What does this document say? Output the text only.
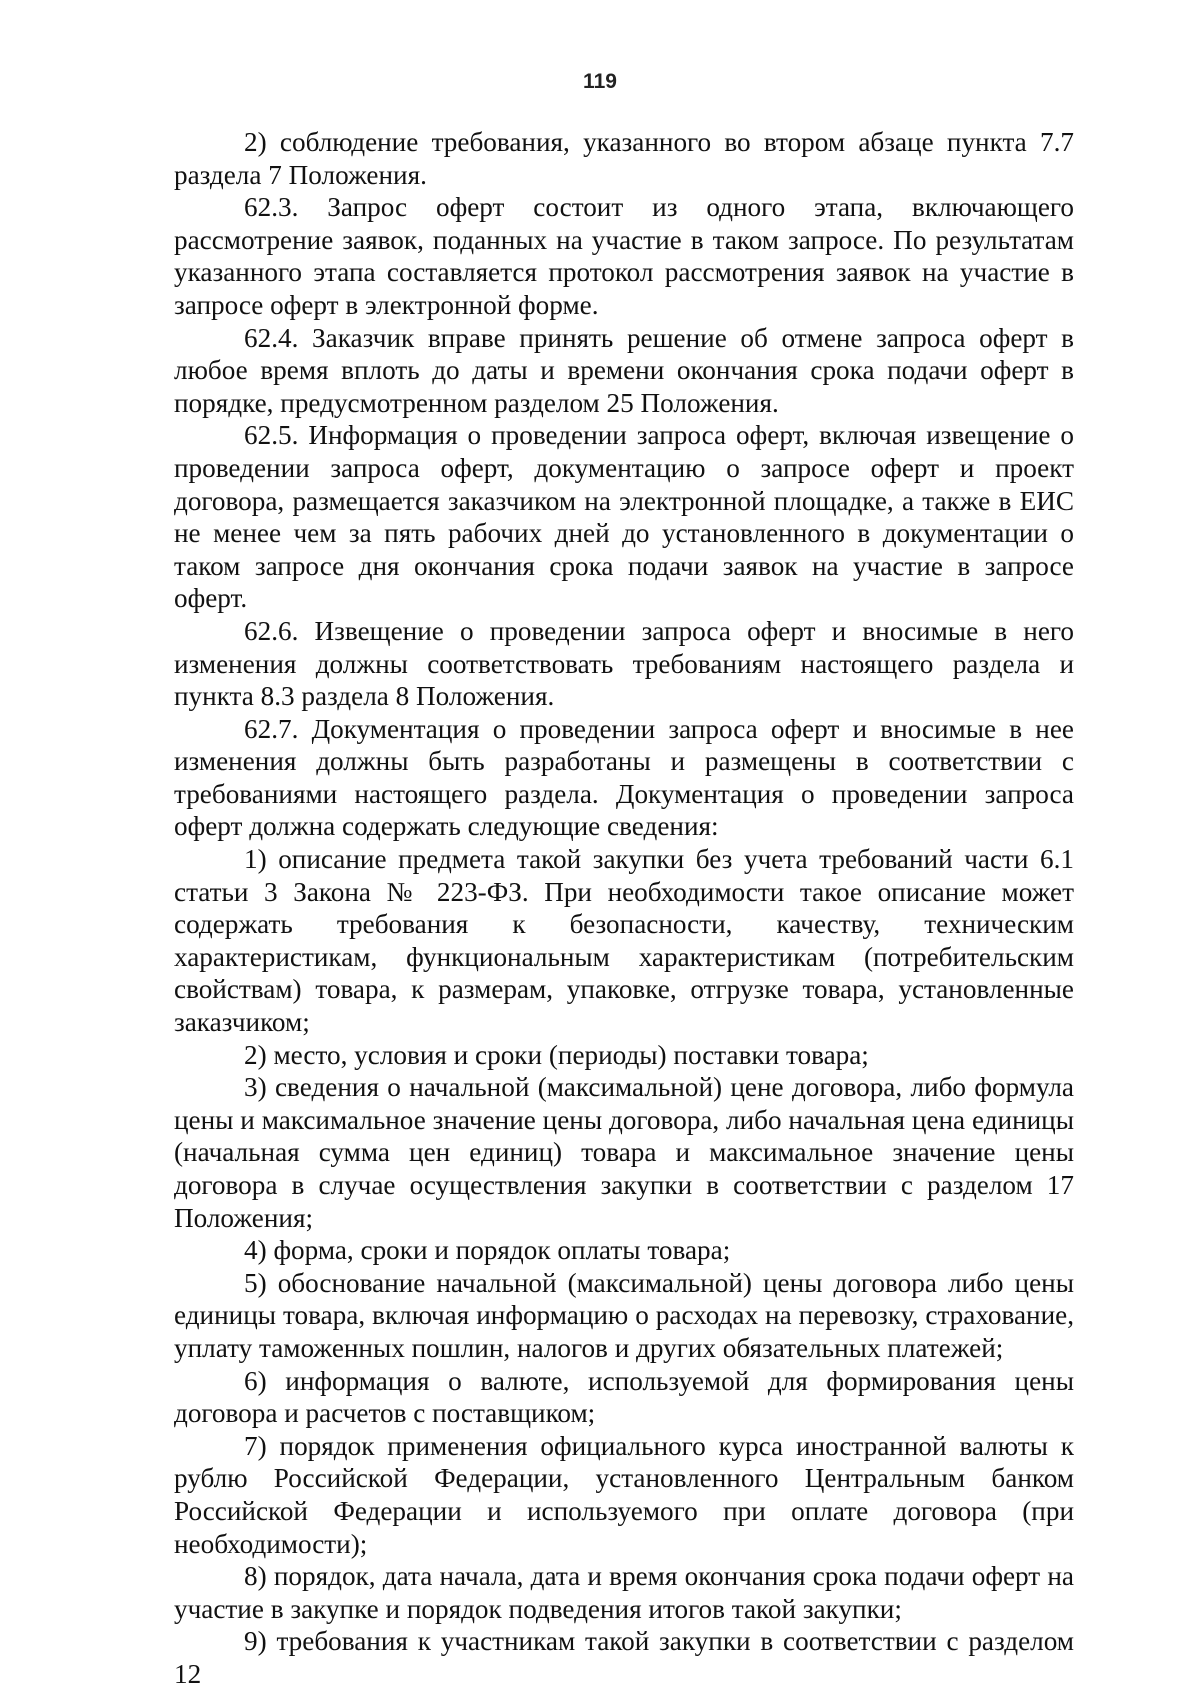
119

2) соблюдение требования, указанного во втором абзаце пункта 7.7 раздела 7 Положения.

62.3. Запрос оферт состоит из одного этапа, включающего рассмотрение заявок, поданных на участие в таком запросе. По результатам указанного этапа составляется протокол рассмотрения заявок на участие в запросе оферт в электронной форме.

62.4. Заказчик вправе принять решение об отмене запроса оферт в любое время вплоть до даты и времени окончания срока подачи оферт в порядке, предусмотренном разделом 25 Положения.

62.5. Информация о проведении запроса оферт, включая извещение о проведении запроса оферт, документацию о запросе оферт и проект договора, размещается заказчиком на электронной площадке, а также в ЕИС не менее чем за пять рабочих дней до установленного в документации о таком запросе дня окончания срока подачи заявок на участие в запросе оферт.

62.6. Извещение о проведении запроса оферт и вносимые в него изменения должны соответствовать требованиям настоящего раздела и пункта 8.3 раздела 8 Положения.

62.7. Документация о проведении запроса оферт и вносимые в нее изменения должны быть разработаны и размещены в соответствии с требованиями настоящего раздела. Документация о проведении запроса оферт должна содержать следующие сведения:

1) описание предмета такой закупки без учета требований части 6.1 статьи 3 Закона № 223-ФЗ. При необходимости такое описание может содержать требования к безопасности, качеству, техническим характеристикам, функциональным характеристикам (потребительским свойствам) товара, к размерам, упаковке, отгрузке товара, установленные заказчиком;

2) место, условия и сроки (периоды) поставки товара;

3) сведения о начальной (максимальной) цене договора, либо формула цены и максимальное значение цены договора, либо начальная цена единицы (начальная сумма цен единиц) товара и максимальное значение цены договора в случае осуществления закупки в соответствии с разделом 17 Положения;

4) форма, сроки и порядок оплаты товара;

5) обоснование начальной (максимальной) цены договора либо цены единицы товара, включая информацию о расходах на перевозку, страхование, уплату таможенных пошлин, налогов и других обязательных платежей;

6) информация о валюте, используемой для формирования цены договора и расчетов с поставщиком;

7) порядок применения официального курса иностранной валюты к рублю Российской Федерации, установленного Центральным банком Российской Федерации и используемого при оплате договора (при необходимости);

8) порядок, дата начала, дата и время окончания срока подачи оферт на участие в закупке и порядок подведения итогов такой закупки;

9) требования к участникам такой закупки в соответствии с разделом 12
